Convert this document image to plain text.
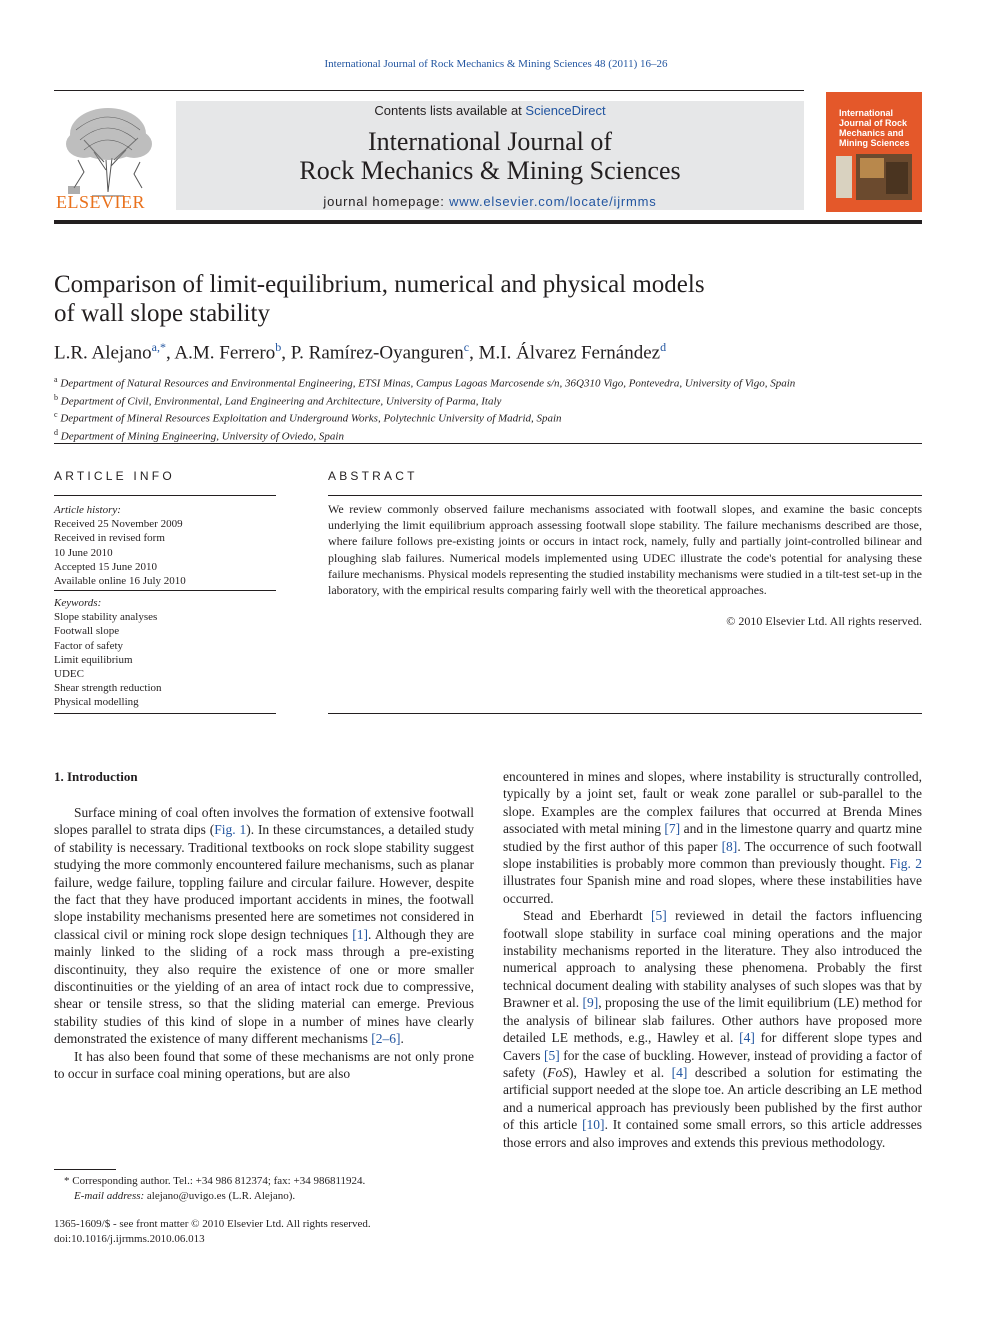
International Journal of Rock Mechanics & Mining Sciences 48 (2011) 16–26
ELSEVIER
Contents lists available at ScienceDirect
International Journal of
Rock Mechanics & Mining Sciences
journal homepage: www.elsevier.com/locate/ijrmms
International Journal of Rock Mechanics and Mining Sciences
Comparison of limit-equilibrium, numerical and physical models
of wall slope stability
L.R. Alejano$^{a,*}$, A.M. Ferrero$^b$, P. Ramírez-Oyanguren$^c$, M.I. Álvarez Fernández$^d$
$^a$ Department of Natural Resources and Environmental Engineering, ETSI Minas, Campus Lagoas Marcosende s/n, 36Q310 Vigo, Pontevedra, University of Vigo, Spain
$^b$ Department of Civil, Environmental, Land Engineering and Architecture, University of Parma, Italy
$^c$ Department of Mineral Resources Exploitation and Underground Works, Polytechnic University of Madrid, Spain
$^d$ Department of Mining Engineering, University of Oviedo, Spain
ARTICLE INFO
Article history:
Received 25 November 2009
Received in revised form
10 June 2010
Accepted 15 June 2010
Available online 16 July 2010
Keywords:
Slope stability analyses
Footwall slope
Factor of safety
Limit equilibrium
UDEC
Shear strength reduction
Physical modelling
ABSTRACT
We review commonly observed failure mechanisms associated with footwall slopes, and examine the basic concepts underlying the limit equilibrium approach assessing footwall slope stability. The failure mechanisms described are those, where failure follows pre-existing joints or occurs in intact rock, namely, fully and partially joint-controlled bilinear and ploughing slab failures. Numerical models implemented using UDEC illustrate the code's potential for analysing these failure mechanisms. Physical models representing the studied instability mechanisms were studied in a tilt-test set-up in the laboratory, with the empirical results comparing fairly well with the theoretical approaches.
© 2010 Elsevier Ltd. All rights reserved.
1. Introduction

Surface mining of coal often involves the formation of extensive footwall slopes parallel to strata dips (Fig. 1). In these circumstances, a detailed study of stability is necessary. Traditional textbooks on rock slope stability suggest studying the more commonly encountered failure mechanisms, such as planar failure, wedge failure, toppling failure and circular failure. However, despite the fact that they have produced important accidents in mines, the footwall slope instability mechanisms presented here are sometimes not considered in classical civil or mining rock slope design techniques [1]. Although they are mainly linked to the sliding of a rock mass through a pre-existing discontinuity, they also require the existence of one or more smaller discontinuities or the yielding of an area of intact rock due to compressive, shear or tensile stress, so that the sliding material can emerge. Previous stability studies of this kind of slope in a number of mines have clearly demonstrated the existence of many different mechanisms [2–6].

It has also been found that some of these mechanisms are not only prone to occur in surface coal mining operations, but are also

encountered in mines and slopes, where instability is structurally controlled, typically by a joint set, fault or weak zone parallel or sub-parallel to the slope. Examples are the complex failures that occurred at Brenda Mines associated with metal mining [7] and in the limestone quarry and quartz mine studied by the first author of this paper [8]. The occurrence of such footwall slope instabilities is probably more common than previously thought. Fig. 2 illustrates four Spanish mine and road slopes, where these instabilities have occurred.

Stead and Eberhardt [5] reviewed in detail the factors influencing footwall slope stability in surface coal mining operations and the major instability mechanisms reported in the literature. They also introduced the numerical approach to analysing these phenomena. Probably the first technical document dealing with stability analyses of such slopes was that by Brawner et al. [9], proposing the use of the limit equilibrium (LE) method for the analysis of bilinear slab failures. Other authors have proposed more detailed LE methods, e.g., Hawley et al. [4] for different slope types and Cavers [5] for the case of buckling. However, instead of providing a factor of safety (FoS), Hawley et al. [4] described a solution for estimating the artificial support needed at the slope toe. An article describing an LE method and a numerical approach has previously been published by the first author of this article [10]. It contained some small errors, so this article addresses those errors and also improves and extends this previous methodology.

* Corresponding author. Tel.: +34 986 812374; fax: +34 986811924.
E-mail address: alejano@uvigo.es (L.R. Alejano).
1365-1609/$ - see front matter © 2010 Elsevier Ltd. All rights reserved.
doi:10.1016/j.ijrmms.2010.06.013
